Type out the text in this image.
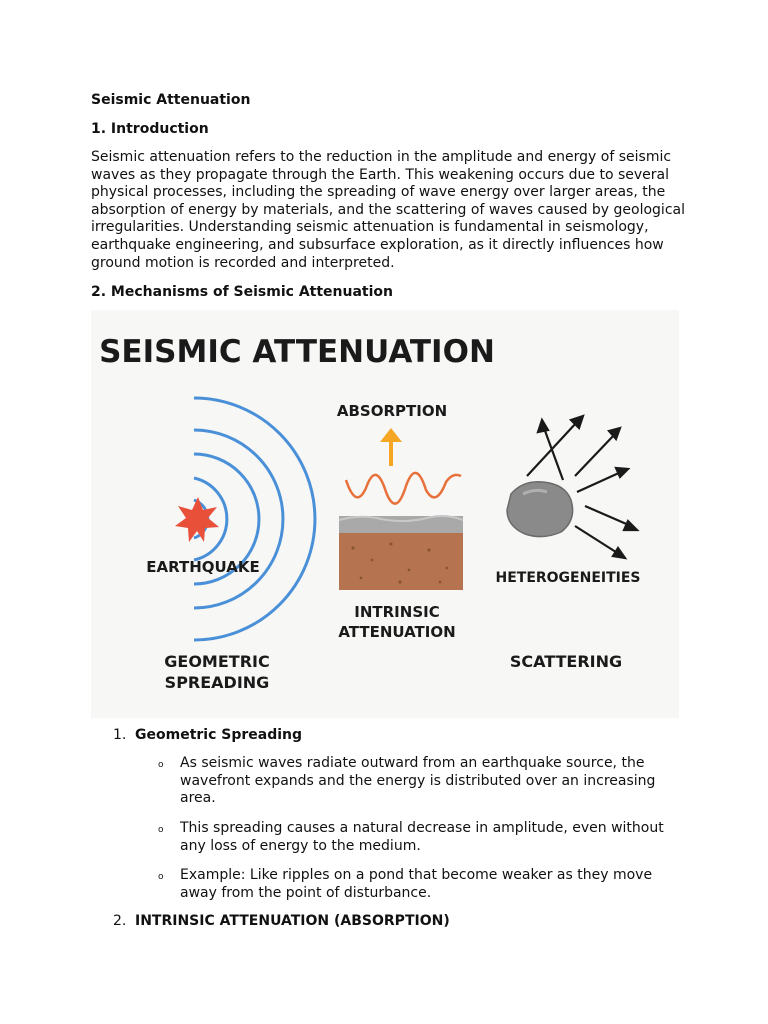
Seismic Attenuation
1. Introduction
Seismic attenuation refers to the reduction in the amplitude and energy of seismic waves as they propagate through the Earth. This weakening occurs due to several physical processes, including the spreading of wave energy over larger areas, the absorption of energy by materials, and the scattering of waves caused by geological irregularities. Understanding seismic attenuation is fundamental in seismology, earthquake engineering, and subsurface exploration, as it directly influences how ground motion is recorded and interpreted.
2. Mechanisms of Seismic Attenuation
SEISMIC ATTENUATION
EARTHQUAKE
GEOMETRIC
SPREADING
ABSORPTION
INTRINSIC
ATTENUATION
HETEROGENEITIES
SCATTERING
1. Geometric Spreading
o As seismic waves radiate outward from an earthquake source, the wavefront expands and the energy is distributed over an increasing area.
o This spreading causes a natural decrease in amplitude, even without any loss of energy to the medium.
o Example: Like ripples on a pond that become weaker as they move away from the point of disturbance.
2. INTRINSIC ATTENUATION (ABSORPTION)
